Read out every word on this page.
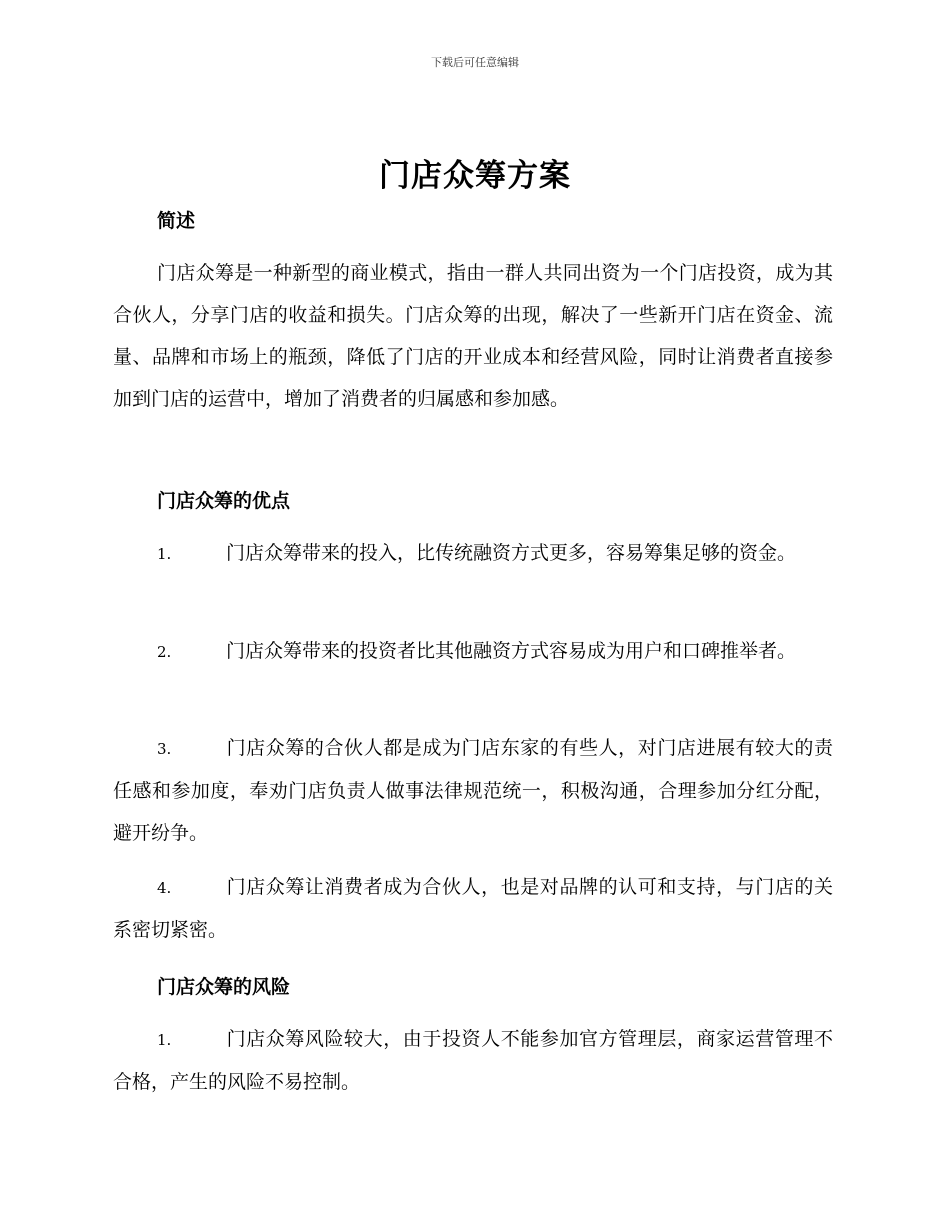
下载后可任意编辑
门店众筹方案
简述

门店众筹是一种新型的商业模式，指由一群人共同出资为一个门店投资，成为其合伙人，分享门店的收益和损失。门店众筹的出现，解决了一些新开门店在资金、流量、品牌和市场上的瓶颈，降低了门店的开业成本和经营风险，同时让消费者直接参加到门店的运营中，增加了消费者的归属感和参加感。

门店众筹的优点

1.	门店众筹带来的投入，比传统融资方式更多，容易筹集足够的资金。

2.	门店众筹带来的投资者比其他融资方式容易成为用户和口碑推举者。

3.	门店众筹的合伙人都是成为门店东家的有些人，对门店进展有较大的责任感和参加度，奉劝门店负责人做事法律规范统一，积极沟通，合理参加分红分配，避开纷争。

4.	门店众筹让消费者成为合伙人，也是对品牌的认可和支持，与门店的关系密切紧密。

门店众筹的风险

1.	门店众筹风险较大，由于投资人不能参加官方管理层，商家运营管理不合格，产生的风险不易控制。
